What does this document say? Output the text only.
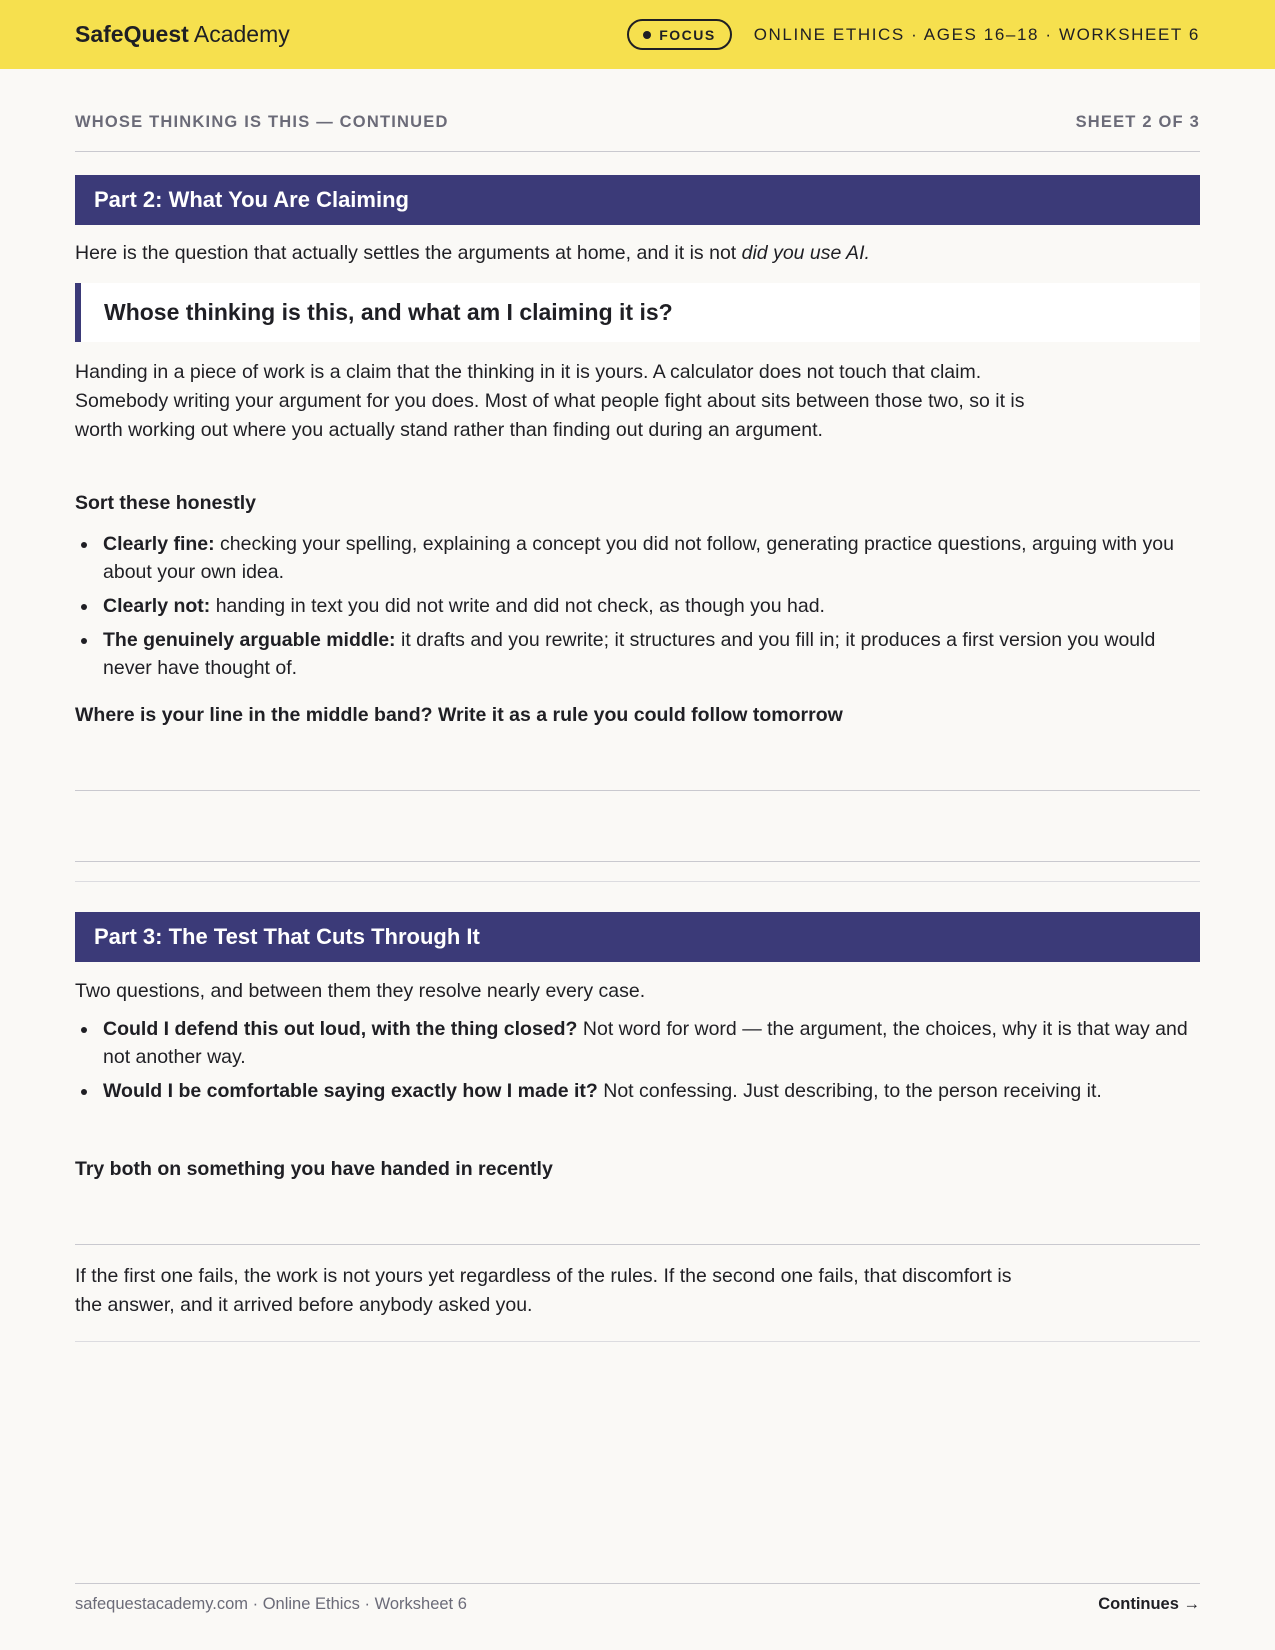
SafeQuest Academy	FOCUS ONLINE ETHICS · AGES 16–18 · WORKSHEET 6
WHOSE THINKING IS THIS — CONTINUED	SHEET 2 OF 3
Part 2: What You Are Claiming
Here is the question that actually settles the arguments at home, and it is not did you use AI.
Whose thinking is this, and what am I claiming it is?
Handing in a piece of work is a claim that the thinking in it is yours. A calculator does not touch that claim. Somebody writing your argument for you does. Most of what people fight about sits between those two, so it is worth working out where you actually stand rather than finding out during an argument.
Sort these honestly
Clearly fine: checking your spelling, explaining a concept you did not follow, generating practice questions, arguing with you about your own idea.
Clearly not: handing in text you did not write and did not check, as though you had.
The genuinely arguable middle: it drafts and you rewrite; it structures and you fill in; it produces a first version you would never have thought of.
Where is your line in the middle band? Write it as a rule you could follow tomorrow
Part 3: The Test That Cuts Through It
Two questions, and between them they resolve nearly every case.
Could I defend this out loud, with the thing closed? Not word for word — the argument, the choices, why it is that way and not another way.
Would I be comfortable saying exactly how I made it? Not confessing. Just describing, to the person receiving it.
Try both on something you have handed in recently
If the first one fails, the work is not yours yet regardless of the rules. If the second one fails, that discomfort is the answer, and it arrived before anybody asked you.
safequestacademy.com · Online Ethics · Worksheet 6	Continues →
